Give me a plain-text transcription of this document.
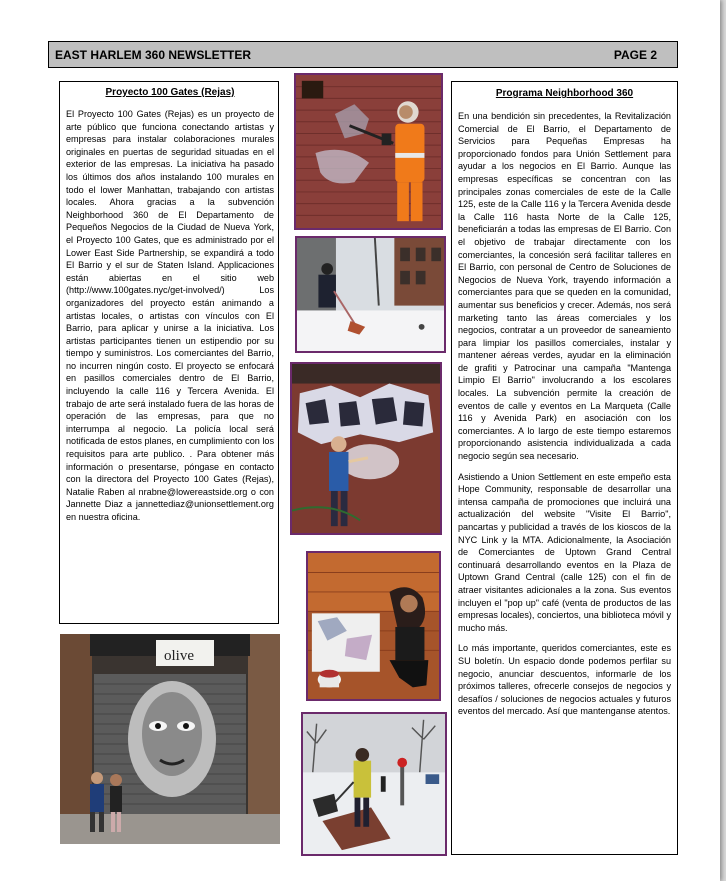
EAST HARLEM 360 NEWSLETTER	PAGE 2
Proyecto 100 Gates (Rejas)

El Proyecto 100 Gates (Rejas) es un proyecto de arte público que funciona conectando artistas y empresas para instalar colaboraciones murales originales en puertas de seguridad situadas en el exterior de las empresas. La iniciativa ha pasado los últimos dos años instalando 100 murales en todo el lower Manhattan, trabajando con artistas locales. Ahora gracias a la subvención Neighborhood 360 de El Departamento de Pequeños Negocios de la Ciudad de Nueva York, el Proyecto 100 Gates, que es administrado por el Lower East Side Partnership, se expandirá a todo El Barrio y el sur de Staten Island. Applicaciones están abiertas en el sitio web (http://www.100gates.nyc/get-involved/) Los organizadores del proyecto están animando a artistas locales, o artistas con vínculos con El Barrio, para aplicar y unirse a la iniciativa. Los artistas participantes tienen un estipendio por su tiempo y suministros. Los comerciantes del Barrio, no incurren ningún costo. El proyecto se enfocará en pasillos comerciales dentro de El Barrio, incluyendo la calle 116 y Tercera Avenida. El trabajo de arte será instalado fuera de las horas de operación de las empresas, para que no interrumpa al negocio. La policía local será notificada de estos planes, en cumplimiento con los requisitos para arte publico. . Para obtener más información o presentarse, póngase en contacto con la directora del Proyecto 100 Gates (Rejas), Natalie Raben al nrabne@lowereastside.org o con Jannette Diaz a jannettediaz@unionsettlement.org en nuestra oficina.

olive
Programa Neighborhood 360

En una bendición sin precedentes, la Revitalización Comercial de El Barrio, el Departamento de Servicios para Pequeñas Empresas ha proporcionado fondos para Unión Settlement para ayudar a los negocios en El Barrio. Aunque las empresas específicas se concentran con las principales zonas comerciales de este de la Calle 125, este de la Calle 116 y la Tercera Avenida desde la Calle 116 hasta Norte de la Calle 125, beneficiarán a todas las empresas de El Barrio. Con el objetivo de trabajar directamente con los comerciantes, la concesión será facilitar talleres en El Barrio, con personal de Centro de Soluciones de Negocios de Nueva York, trayendo información a comerciantes para que se queden en la comunidad, aumentar sus beneficios y crecer. Además, nos será marketing tanto las áreas comerciales y los negocios, contratar a un proveedor de saneamiento para limpiar los pasillos comerciales, instalar y mantener aéreas verdes, ayudar en la eliminación de grafiti y Patrocinar una campaña "Mantenga Limpio El Barrio" involucrando a los escolares locales. La subvención permite la creación de eventos de calle y eventos en La Marqueta (Calle 116 y Avenida Park) en asociación con los comerciantes. A lo largo de este tiempo estaremos proporcionando asistencia individualizada a cada negocio según sea necesario.

Asistiendo a Union Settlement en este empeño esta Hope Community, responsable de desarrollar una intensa campaña de promociones que incluirá una actualización del website "Visite El Barrio", pancartas y publicidad a través de los kioscos de la NYC Link y la MTA. Adicionalmente, la Asociación de Comerciantes de Uptown Grand Central continuará desarrollando eventos en la Plaza de Uptown Grand Central (calle 125) con el fin de atraer visitantes adicionales a la zona. Sus eventos incluyen el "pop up" café (venta de productos de las empresas locales), conciertos, una biblioteca móvil y mucho más.

Lo más importante, queridos comerciantes, este es SU boletín. Un espacio donde podemos perfilar su negocio, anunciar descuentos, informarle de los próximos talleres, ofrecerle consejos de negocios y desafíos / soluciones de negocios actuales y futuros eventos del mercado. Así que mantenganse atentos.
